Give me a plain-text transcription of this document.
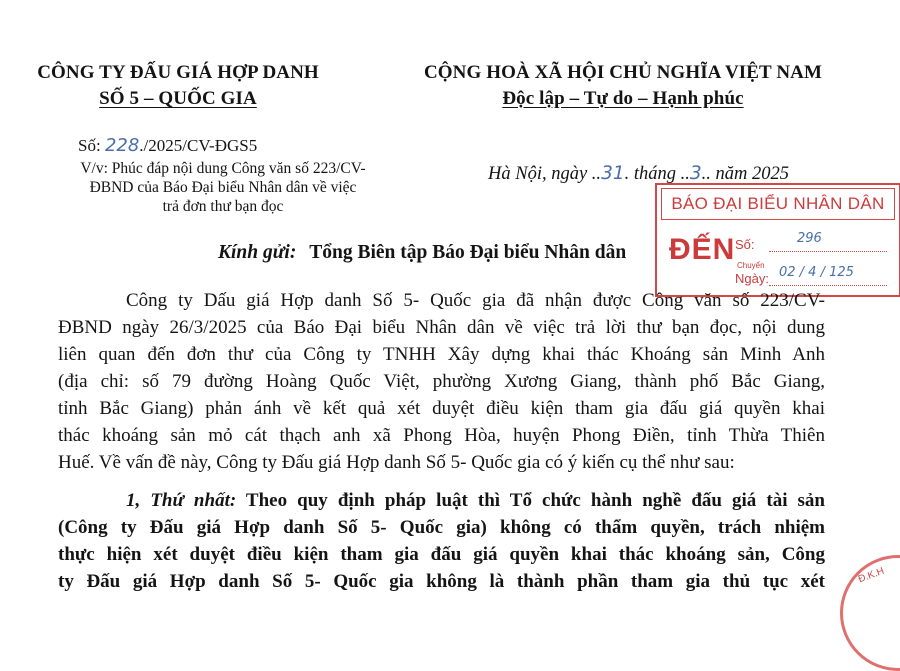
CÔNG TY ĐẤU GIÁ HỢP DANH
SỐ 5 – QUỐC GIA
CỘNG HOÀ XÃ HỘI CHỦ NGHĨA VIỆT NAM
Độc lập – Tự do – Hạnh phúc
Số: 228./2025/CV-ĐGS5
V/v: Phúc đáp nội dung Công văn số 223/CV-
ĐBND của Báo Đại biểu Nhân dân về việc
trả đơn thư bạn đọc
Hà Nội, ngày ..31. tháng ..3.. năm 2025
Kính gửi: Tổng Biên tập Báo Đại biểu Nhân dân
BÁO ĐẠI BIỂU NHÂN DÂN
ĐẾN Số:	296
Chuyển
Ngày: 02 / 4 / 125
Công ty Dấu giá Hợp danh Số 5- Quốc gia đã nhận được Công văn số 223/CV-
ĐBND ngày 26/3/2025 của Báo Đại biểu Nhân dân về việc trả lời thư bạn đọc, nội dung
liên quan đến đơn thư của Công ty TNHH Xây dựng khai thác Khoáng sản Minh Anh
(địa chỉ: số 79 đường Hoàng Quốc Việt, phường Xương Giang, thành phố Bắc Giang,
tỉnh Bắc Giang) phản ánh về kết quả xét duyệt điều kiện tham gia đấu giá quyền khai
thác khoáng sản mỏ cát thạch anh xã Phong Hòa, huyện Phong Điền, tỉnh Thừa Thiên
Huế. Về vấn đề này, Công ty Đấu giá Hợp danh Số 5- Quốc gia có ý kiến cụ thể như sau:
1, Thứ nhất: Theo quy định pháp luật thì Tổ chức hành nghề đấu giá tài sản
(Công ty Đấu giá Hợp danh Số 5- Quốc gia) không có thẩm quyền, trách nhiệm
thực hiện xét duyệt điều kiện tham gia đấu giá quyền khai thác khoáng sản, Công
ty Đấu giá Hợp danh Số 5- Quốc gia không là thành phần tham gia thủ tục xét	Đ.K.H
